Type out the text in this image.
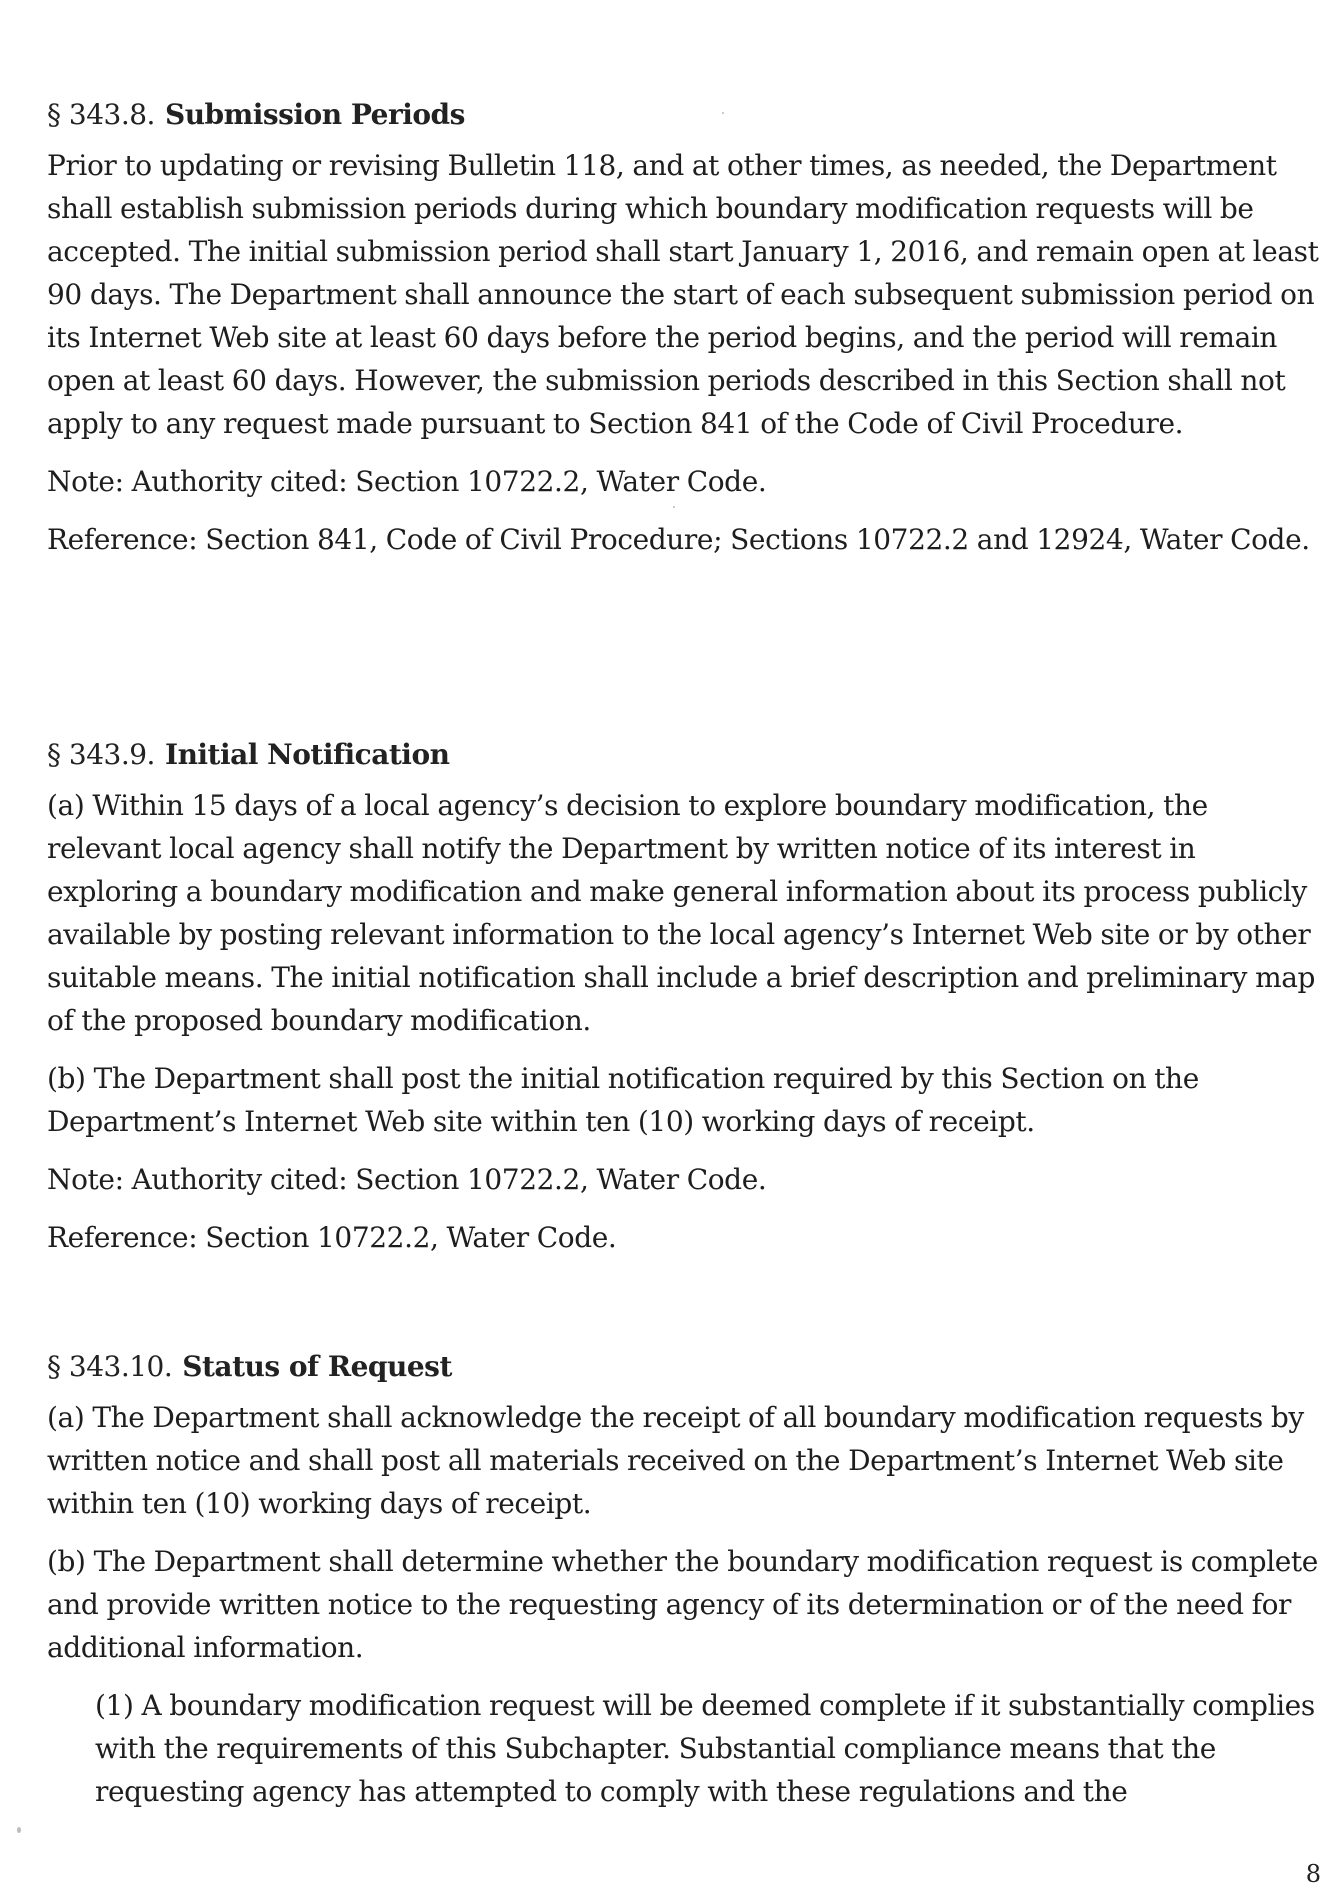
§ 343.8. Submission Periods

Prior to updating or revising Bulletin 118, and at other times, as needed, the Department shall establish submission periods during which boundary modification requests will be accepted. The initial submission period shall start January 1, 2016, and remain open at least 90 days. The Department shall announce the start of each subsequent submission period on its Internet Web site at least 60 days before the period begins, and the period will remain open at least 60 days. However, the submission periods described in this Section shall not apply to any request made pursuant to Section 841 of the Code of Civil Procedure.

Note: Authority cited: Section 10722.2, Water Code.

Reference: Section 841, Code of Civil Procedure; Sections 10722.2 and 12924, Water Code.

§ 343.9. Initial Notification

(a) Within 15 days of a local agency’s decision to explore boundary modification, the relevant local agency shall notify the Department by written notice of its interest in exploring a boundary modification and make general information about its process publicly available by posting relevant information to the local agency’s Internet Web site or by other suitable means. The initial notification shall include a brief description and preliminary map of the proposed boundary modification.

(b) The Department shall post the initial notification required by this Section on the Department’s Internet Web site within ten (10) working days of receipt.

Note: Authority cited: Section 10722.2, Water Code.

Reference: Section 10722.2, Water Code.

§ 343.10. Status of Request

(a) The Department shall acknowledge the receipt of all boundary modification requests by written notice and shall post all materials received on the Department’s Internet Web site within ten (10) working days of receipt.

(b) The Department shall determine whether the boundary modification request is complete and provide written notice to the requesting agency of its determination or of the need for additional information.

(1) A boundary modification request will be deemed complete if it substantially complies with the requirements of this Subchapter. Substantial compliance means that the requesting agency has attempted to comply with these regulations and the

8
